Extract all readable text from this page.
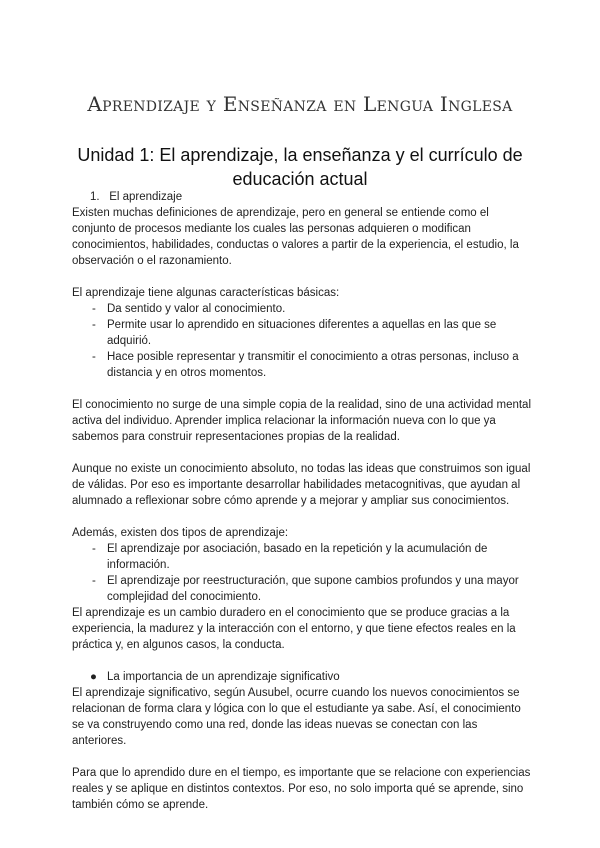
Aprendizaje y Enseñanza en Lengua Inglesa
Unidad 1: El aprendizaje, la enseñanza y el currículo de educación actual
1. El aprendizaje

Existen muchas definiciones de aprendizaje, pero en general se entiende como el conjunto de procesos mediante los cuales las personas adquieren o modifican conocimientos, habilidades, conductas o valores a partir de la experiencia, el estudio, la observación o el razonamiento.

El aprendizaje tiene algunas características básicas:

- Da sentido y valor al conocimiento.
- Permite usar lo aprendido en situaciones diferentes a aquellas en las que se adquirió.
- Hace posible representar y transmitir el conocimiento a otras personas, incluso a distancia y en otros momentos.

El conocimiento no surge de una simple copia de la realidad, sino de una actividad mental activa del individuo. Aprender implica relacionar la información nueva con lo que ya sabemos para construir representaciones propias de la realidad.

Aunque no existe un conocimiento absoluto, no todas las ideas que construimos son igual de válidas. Por eso es importante desarrollar habilidades metacognitivas, que ayudan al alumnado a reflexionar sobre cómo aprende y a mejorar y ampliar sus conocimientos.

Además, existen dos tipos de aprendizaje:

- El aprendizaje por asociación, basado en la repetición y la acumulación de información.
- El aprendizaje por reestructuración, que supone cambios profundos y una mayor complejidad del conocimiento.

El aprendizaje es un cambio duradero en el conocimiento que se produce gracias a la experiencia, la madurez y la interacción con el entorno, y que tiene efectos reales en la práctica y, en algunos casos, la conducta.

● La importancia de un aprendizaje significativo

El aprendizaje significativo, según Ausubel, ocurre cuando los nuevos conocimientos se relacionan de forma clara y lógica con lo que el estudiante ya sabe. Así, el conocimiento se va construyendo como una red, donde las ideas nuevas se conectan con las anteriores.

Para que lo aprendido dure en el tiempo, es importante que se relacione con experiencias reales y se aplique en distintos contextos. Por eso, no solo importa qué se aprende, sino también cómo se aprende.
